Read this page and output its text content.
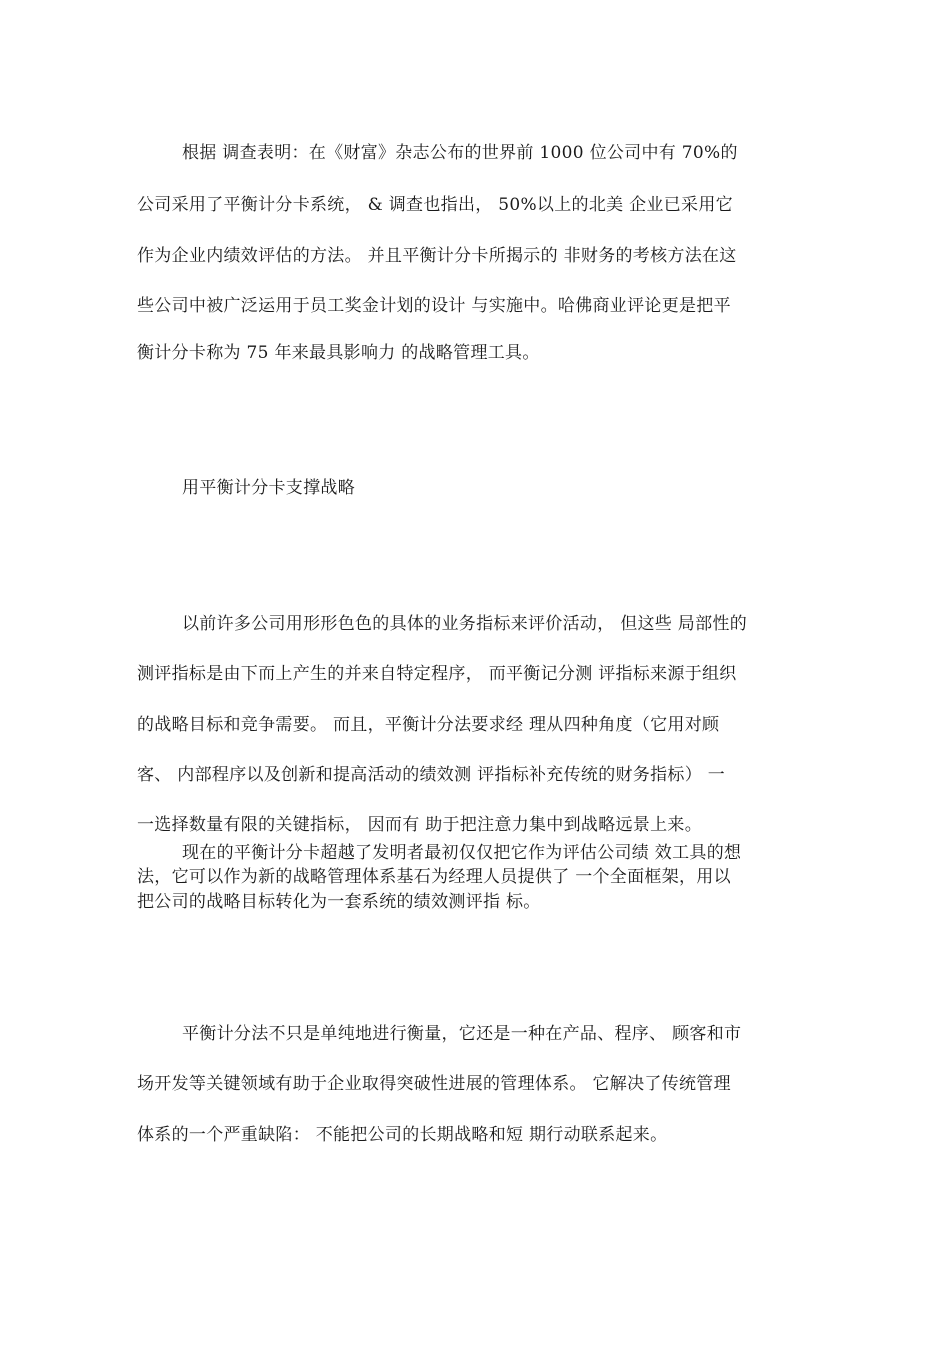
根据 调查表明：在《财富》杂志公布的世界前 1000 位公司中有 70%的
公司采用了平衡计分卡系统， & 调查也指出， 50%以上的北美 企业已采用它
作为企业内绩效评估的方法。 并且平衡计分卡所揭示的 非财务的考核方法在这
些公司中被广泛运用于员工奖金计划的设计 与实施中。哈佛商业评论更是把平
衡计分卡称为 75 年来最具影响力 的战略管理工具。
用平衡计分卡支撑战略
以前许多公司用形形色色的具体的业务指标来评价活动， 但这些 局部性的
测评指标是由下而上产生的并来自特定程序， 而平衡记分测 评指标来源于组织
的战略目标和竞争需要。 而且，平衡计分法要求经 理从四种角度（它用对顾
客、 内部程序以及创新和提高活动的绩效测 评指标补充传统的财务指标） 一
一选择数量有限的关键指标， 因而有 助于把注意力集中到战略远景上来。
现在的平衡计分卡超越了发明者最初仅仅把它作为评估公司绩 效工具的想
法，它可以作为新的战略管理体系基石为经理人员提供了 一个全面框架，用以
把公司的战略目标转化为一套系统的绩效测评指 标。
平衡计分法不只是单纯地进行衡量，它还是一种在产品、程序、 顾客和市
场开发等关键领域有助于企业取得突破性进展的管理体系。 它解决了传统管理
体系的一个严重缺陷： 不能把公司的长期战略和短 期行动联系起来。
